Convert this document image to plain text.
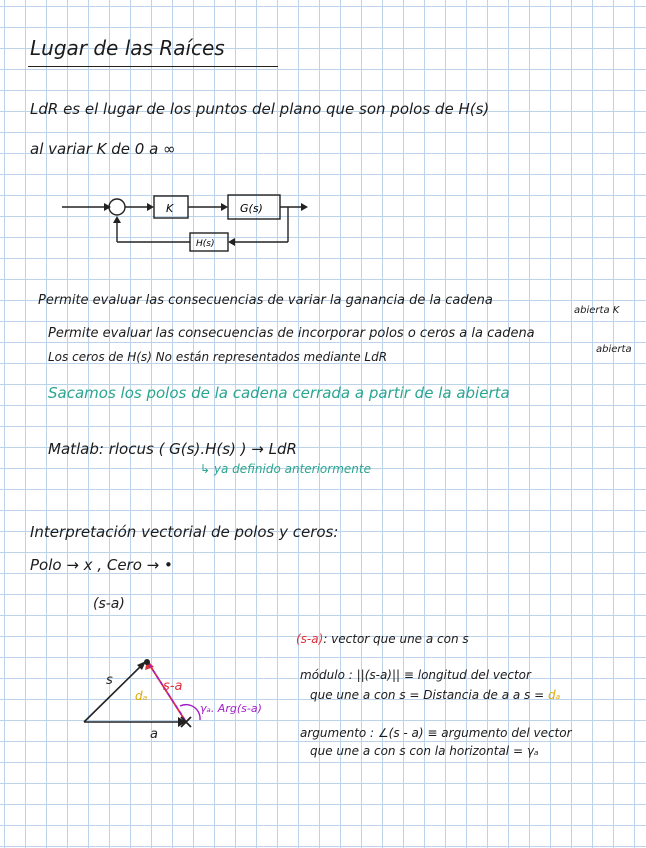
Lugar de las Raíces
LdR es el lugar de los puntos del plano que son polos de H(s)
al variar K de 0 a ∞
K	G(s)
H(s)
Permite evaluar las consecuencias de variar la ganancia de la cadena
abierta K
Permite evaluar las consecuencias de incorporar polos o ceros a la cadena
abierta
Los ceros de H(s) No están representados mediante LdR
Sacamos los polos de la cadena cerrada a partir de la abierta
Matlab: rlocus ( G(s).H(s) ) → LdR
↳ ya definido anteriormente
Interpretación vectorial de polos y ceros:
Polo → x , Cero → •
(s-a)
s
a
s-a
dₐ
γₐ. Arg(s-a)
(s-a): vector que une a con s
módulo : ||(s-a)|| ≡ longitud del vector
que une a con s = Distancia de a a s = dₐ
argumento : ∠(s - a) ≡ argumento del vector
que une a con s con la horizontal = γₐ
